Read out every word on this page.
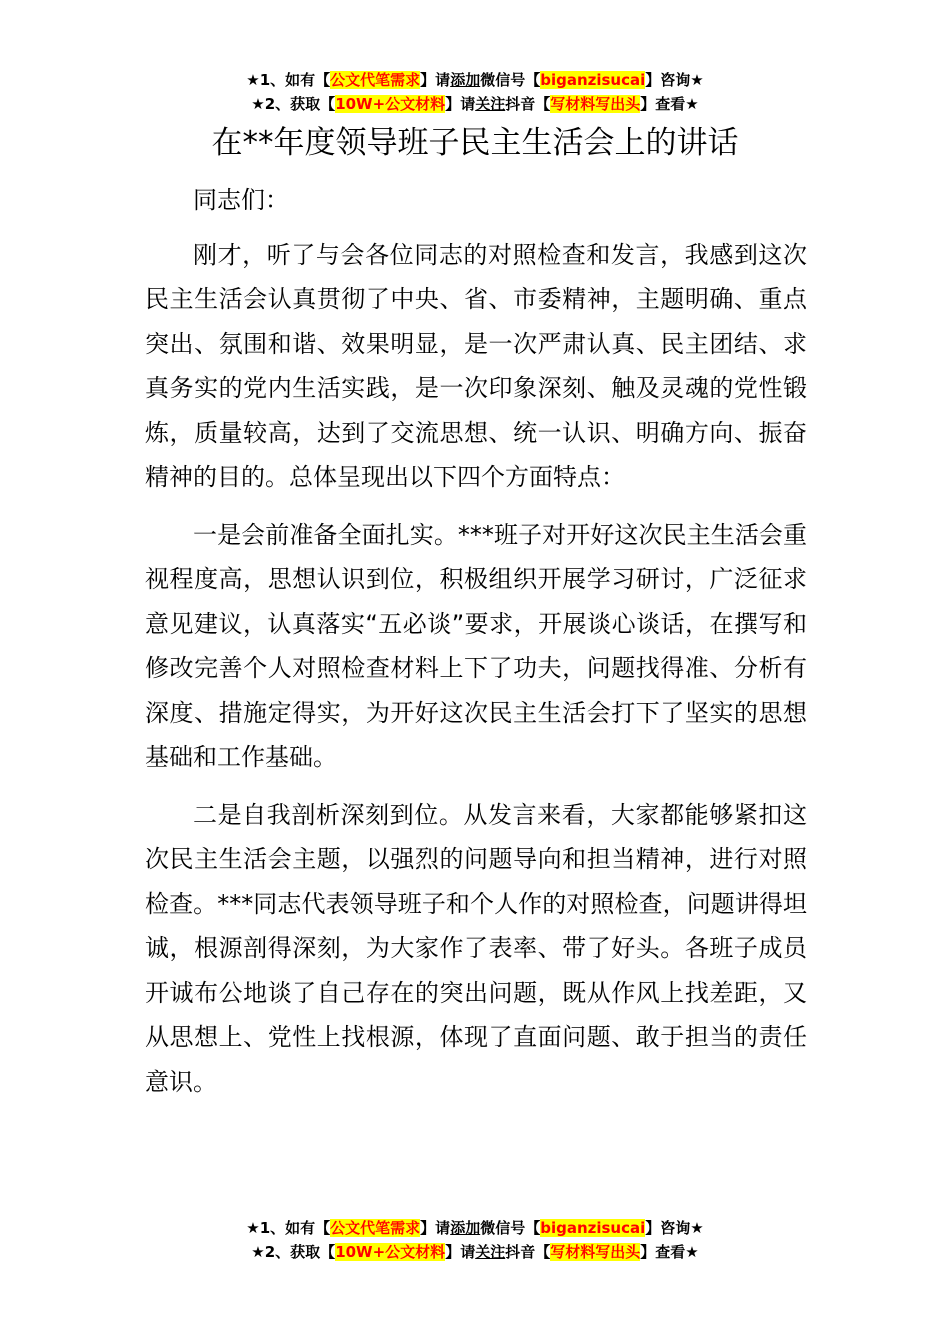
★1、如有【公文代笔需求】请添加微信号【biganzisucai】咨询★
★2、获取【10W+公文材料】请关注抖音【写材料写出头】查看★
在**年度领导班子民主生活会上的讲话

同志们：

刚才，听了与会各位同志的对照检查和发言，我感到这次民主生活会认真贯彻了中央、省、市委精神，主题明确、重点突出、氛围和谐、效果明显，是一次严肃认真、民主团结、求真务实的党内生活实践，是一次印象深刻、触及灵魂的党性锻炼，质量较高，达到了交流思想、统一认识、明确方向、振奋精神的目的。总体呈现出以下四个方面特点：

一是会前准备全面扎实。***班子对开好这次民主生活会重视程度高，思想认识到位，积极组织开展学习研讨，广泛征求意见建议，认真落实“五必谈”要求，开展谈心谈话，在撰写和修改完善个人对照检查材料上下了功夫，问题找得准、分析有深度、措施定得实，为开好这次民主生活会打下了坚实的思想基础和工作基础。

二是自我剖析深刻到位。从发言来看，大家都能够紧扣这次民主生活会主题，以强烈的问题导向和担当精神，进行对照检查。***同志代表领导班子和个人作的对照检查，问题讲得坦诚，根源剖得深刻，为大家作了表率、带了好头。各班子成员开诚布公地谈了自己存在的突出问题，既从作风上找差距，又从思想上、党性上找根源，体现了直面问题、敢于担当的责任意识。

★1、如有【公文代笔需求】请添加微信号【biganzisucai】咨询★
★2、获取【10W+公文材料】请关注抖音【写材料写出头】查看★
